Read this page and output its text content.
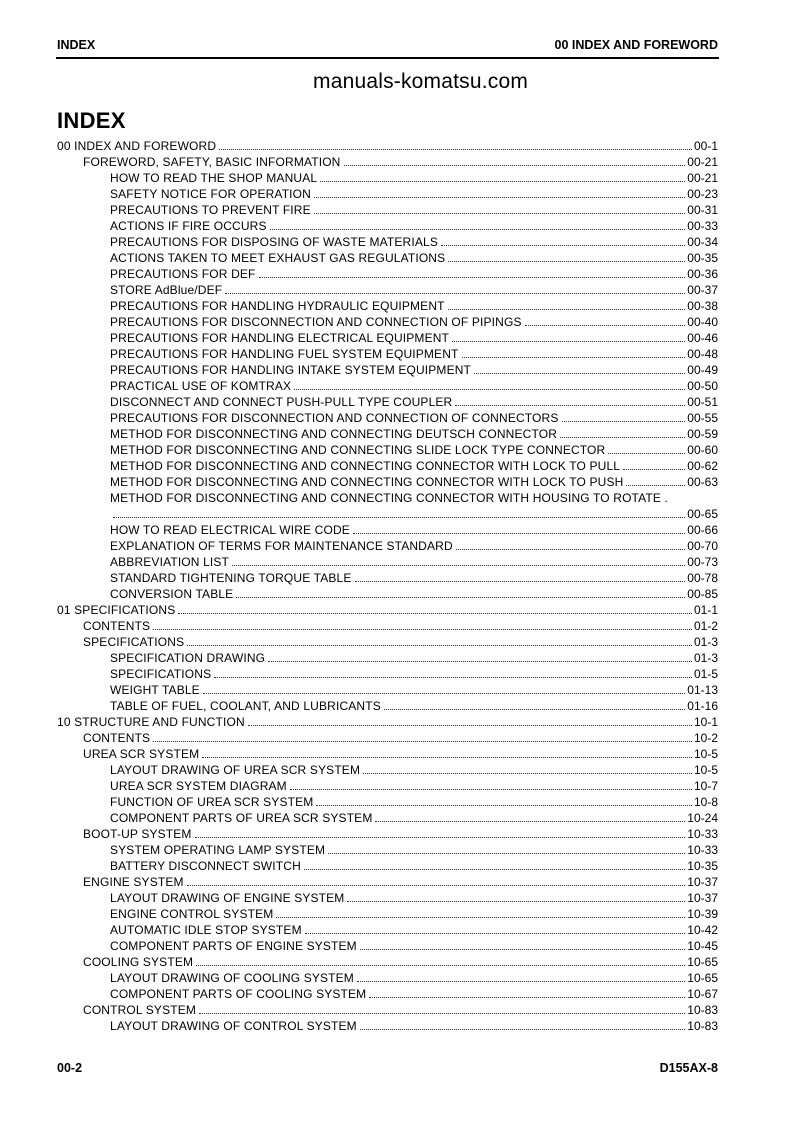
INDEX	00 INDEX AND FOREWORD
manuals-komatsu.com
INDEX
00 INDEX AND FOREWORD	00-1
FOREWORD, SAFETY, BASIC INFORMATION	00-21
HOW TO READ THE SHOP MANUAL	00-21
SAFETY NOTICE FOR OPERATION	00-23
PRECAUTIONS TO PREVENT FIRE	00-31
ACTIONS IF FIRE OCCURS	00-33
PRECAUTIONS FOR DISPOSING OF WASTE MATERIALS	00-34
ACTIONS TAKEN TO MEET EXHAUST GAS REGULATIONS	00-35
PRECAUTIONS FOR DEF	00-36
STORE AdBlue/DEF	00-37
PRECAUTIONS FOR HANDLING HYDRAULIC EQUIPMENT	00-38
PRECAUTIONS FOR DISCONNECTION AND CONNECTION OF PIPINGS	00-40
PRECAUTIONS FOR HANDLING ELECTRICAL EQUIPMENT	00-46
PRECAUTIONS FOR HANDLING FUEL SYSTEM EQUIPMENT	00-48
PRECAUTIONS FOR HANDLING INTAKE SYSTEM EQUIPMENT	00-49
PRACTICAL USE OF KOMTRAX	00-50
DISCONNECT AND CONNECT PUSH-PULL TYPE COUPLER	00-51
PRECAUTIONS FOR DISCONNECTION AND CONNECTION OF CONNECTORS	00-55
METHOD FOR DISCONNECTING AND CONNECTING DEUTSCH CONNECTOR	00-59
METHOD FOR DISCONNECTING AND CONNECTING SLIDE LOCK TYPE CONNECTOR	00-60
METHOD FOR DISCONNECTING AND CONNECTING CONNECTOR WITH LOCK TO PULL	00-62
METHOD FOR DISCONNECTING AND CONNECTING CONNECTOR WITH LOCK TO PUSH	00-63
METHOD FOR DISCONNECTING AND CONNECTING CONNECTOR WITH HOUSING TO ROTATE .
00-65
HOW TO READ ELECTRICAL WIRE CODE	00-66
EXPLANATION OF TERMS FOR MAINTENANCE STANDARD	00-70
ABBREVIATION LIST	00-73
STANDARD TIGHTENING TORQUE TABLE	00-78
CONVERSION TABLE	00-85
01 SPECIFICATIONS	01-1
CONTENTS	01-2
SPECIFICATIONS	01-3
SPECIFICATION DRAWING	01-3
SPECIFICATIONS	01-5
WEIGHT TABLE	01-13
TABLE OF FUEL, COOLANT, AND LUBRICANTS	01-16
10 STRUCTURE AND FUNCTION	10-1
CONTENTS	10-2
UREA SCR SYSTEM	10-5
LAYOUT DRAWING OF UREA SCR SYSTEM	10-5
UREA SCR SYSTEM DIAGRAM	10-7
FUNCTION OF UREA SCR SYSTEM	10-8
COMPONENT PARTS OF UREA SCR SYSTEM	10-24
BOOT-UP SYSTEM	10-33
SYSTEM OPERATING LAMP SYSTEM	10-33
BATTERY DISCONNECT SWITCH	10-35
ENGINE SYSTEM	10-37
LAYOUT DRAWING OF ENGINE SYSTEM	10-37
ENGINE CONTROL SYSTEM	10-39
AUTOMATIC IDLE STOP SYSTEM	10-42
COMPONENT PARTS OF ENGINE SYSTEM	10-45
COOLING SYSTEM	10-65
LAYOUT DRAWING OF COOLING SYSTEM	10-65
COMPONENT PARTS OF COOLING SYSTEM	10-67
CONTROL SYSTEM	10-83
LAYOUT DRAWING OF CONTROL SYSTEM	10-83
00-2	D155AX-8
